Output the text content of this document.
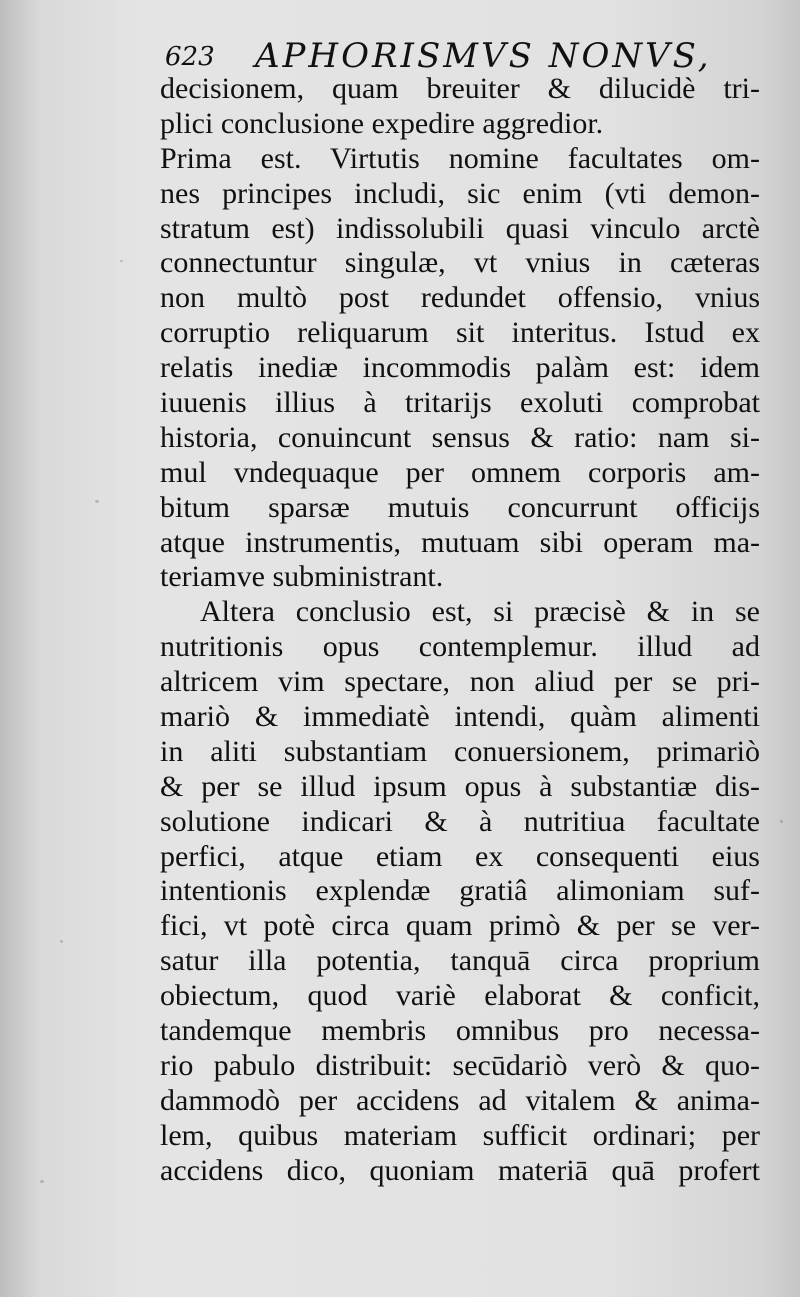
623 APHORISMVS NONVS,
decisionem, quam breuiter & dilucidè tri-
plici conclusione expedire aggredior.
Prima est. Virtutis nomine facultates om-
nes principes includi, sic enim (vti demon-
stratum est) indissolubili quasi vinculo arctè
connectuntur singulæ, vt vnius in cæteras
non multò post redundet offensio, vnius
corruptio reliquarum sit interitus. Istud ex
relatis inediæ incommodis palàm est: idem
iuuenis illius à tritarijs exoluti comprobat
historia, conuincunt sensus & ratio: nam si-
mul vndequaque per omnem corporis am-
bitum sparsæ mutuis concurrunt officijs
atque instrumentis, mutuam sibi operam ma-
teriamve subministrant.
Altera conclusio est, si præcisè & in se
nutritionis opus contemplemur. illud ad
altricem vim spectare, non aliud per se pri-
mariò & immediatè intendi, quàm alimenti
in aliti substantiam conuersionem, primariò
& per se illud ipsum opus à substantiæ dis-
solutione indicari & à nutritiua facultate
perfici, atque etiam ex consequenti eius
intentionis explendæ gratiâ alimoniam suf-
fici, vt potè circa quam primò & per se ver-
satur illa potentia, tanquā circa proprium
obiectum, quod variè elaborat & conficit,
tandemque membris omnibus pro necessa-
rio pabulo distribuit: secūdariò verò & quo-
dammodò per accidens ad vitalem & anima-
lem, quibus materiam sufficit ordinari; per
accidens dico, quoniam materiā quā profert
